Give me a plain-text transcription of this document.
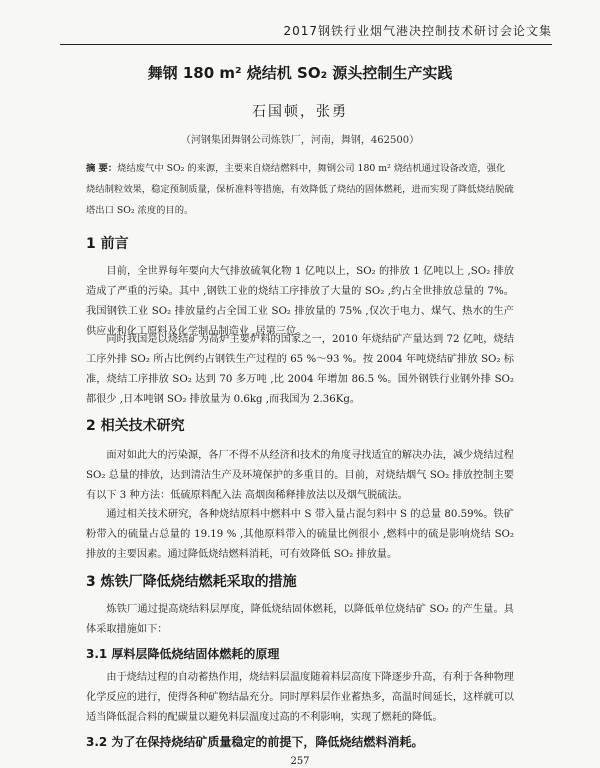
2017钢铁行业烟气港决控制技术研讨会论文集
舞钢 180 m² 烧结机 SO₂ 源头控制生产实践
石国顿，张勇
（河钢集团舞钢公司炼铁厂，河南，舞钢，462500）
摘 要：烧结废气中 SO₂ 的来源，主要来自烧结燃料中，舞钢公司 180 m² 烧结机通过设备改造，强化烧结制粒效果，稳定预制质量，保析准料等措施，有效降低了烧结的固体燃耗，进而实现了降低烧结脱硫塔出口 SO₂ 浓度的目的。
1 前言
目前，全世界每年要向大气排放硫氧化物 1 亿吨以上，SO₂ 的排放 1 亿吨以上 ,SO₂ 排放造成了严重的污染。其中 ,钢铁工业的烧结工序排放了大量的 SO₂ ,约占全世排放总量的 7%。我国钢铁工业 SO₂ 排放量约占全国工业 SO₂ 排放量的 75% ,仅次于电力、煤气、热水的生产供应业和化工原料及化学制品制造业 ,居第三位。
同时我国是以烧结矿为高炉主要炉料的国家之一，2010 年烧结矿产量达到 72 亿吨，烧结工序外排 SO₂ 所占比例约占钢铁生产过程的 65 %～93 %。按 2004 年吨烧结矿排放 SO₂ 标准，烧结工序排放 SO₂ 达到 70 多万吨 ,比 2004 年增加 86.5 %。国外钢铁行业钢外排 SO₂ 都很少 ,日本吨钢 SO₂ 排放量为 0.6kg ,而我国为 2.36Kg。
2 相关技术研究
面对如此大的污染源，各厂不得不从经济和技术的角度寻找适宜的解决办法，减少烧结过程 SO₂ 总量的排放，达到清洁生产及环境保护的多重目的。目前，对烧结烟气 SO₂ 排放控制主要有以下 3 种方法：低硫原料配入法 高烟囱稀释排放法以及烟气脱硫法。
通过相关技术研究，各种烧结原料中燃料中 S 带入量占混匀料中 S 的总量 80.59%。铁矿粉带入的硫量占总量的 19.19 % ,其他原料带入的硫量比例很小 ,燃料中的硫是影响烧结 SO₂ 排放的主要因素。通过降低烧结燃料消耗，可有效降低 SO₂ 排放量。
3 炼铁厂降低烧结燃耗采取的措施
炼铁厂通过提高烧结料层厚度，降低烧结固体燃耗，以降低单位烧结矿 SO₂ 的产生量。具体采取措施如下：
3.1 厚料层降低烧结固体燃耗的原理
由于烧结过程的自动蓄热作用，烧结料层温度随着料层高度下降逐步升高，有利于各种物理化学反应的进行，使得各种矿物结晶充分。同时厚料层作业蓄热多，高温时间延长，这样就可以适当降低混合料的配碳量以避免料层温度过高的不利影响，实现了燃耗的降低。
3.2 为了在保持烧结矿质量稳定的前提下，降低烧结燃料消耗。
257
